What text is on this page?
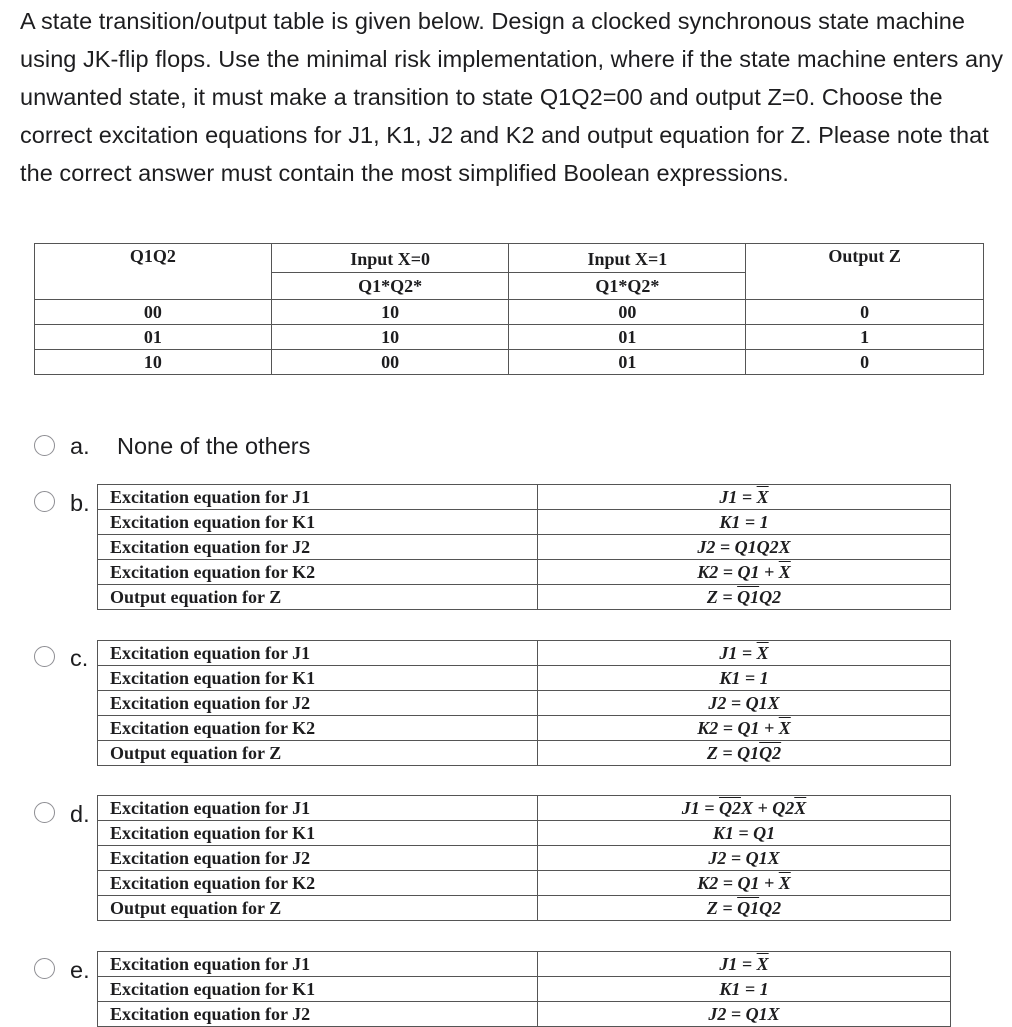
A state transition/output table is given below. Design a clocked synchronous state machine using JK-flip flops. Use the minimal risk implementation, where if the state machine enters any unwanted state, it must make a transition to state Q1Q2=00 and output Z=0. Choose the correct excitation equations for J1, K1, J2 and K2 and output equation for Z. Please note that the correct answer must contain the most simplified Boolean expressions.
Q1Q2	Input X=0	Input X=1	Output Z
	Q1*Q2*	Q1*Q2*	
00	10	00	0
01	10	01	1
10	00	01	0
a. None of the others
b. Excitation equation for J1	$J1 = \overline{X}$
Excitation equation for K1	K1 = 1
Excitation equation for J2	J2 = Q1Q2X
Excitation equation for K2	$K2 = Q1 + \overline{X}$
Output equation for Z	Z = Q1Q2
c. Excitation equation for J1	$J1 = \overline{X}$
Excitation equation for K1	K1 = 1
Excitation equation for J2	J2 = Q1X
Excitation equation for K2	$K2 = Q1 + \overline{X}$
Output equation for Z	Z = Q1Q2
d. Excitation equation for J1	$J1 = Q2X + Q2\overline{X}$
Excitation equation for K1	K1 = Q1
Excitation equation for J2	J2 = Q1X
Excitation equation for K2	$K2 = Q1 + \overline{X}$
Output equation for Z	Z = Q1Q2
e. Excitation equation for J1	$J1 = \overline{X}$
Excitation equation for K1	K1 = 1
Excitation equation for J2	J2 = Q1X
